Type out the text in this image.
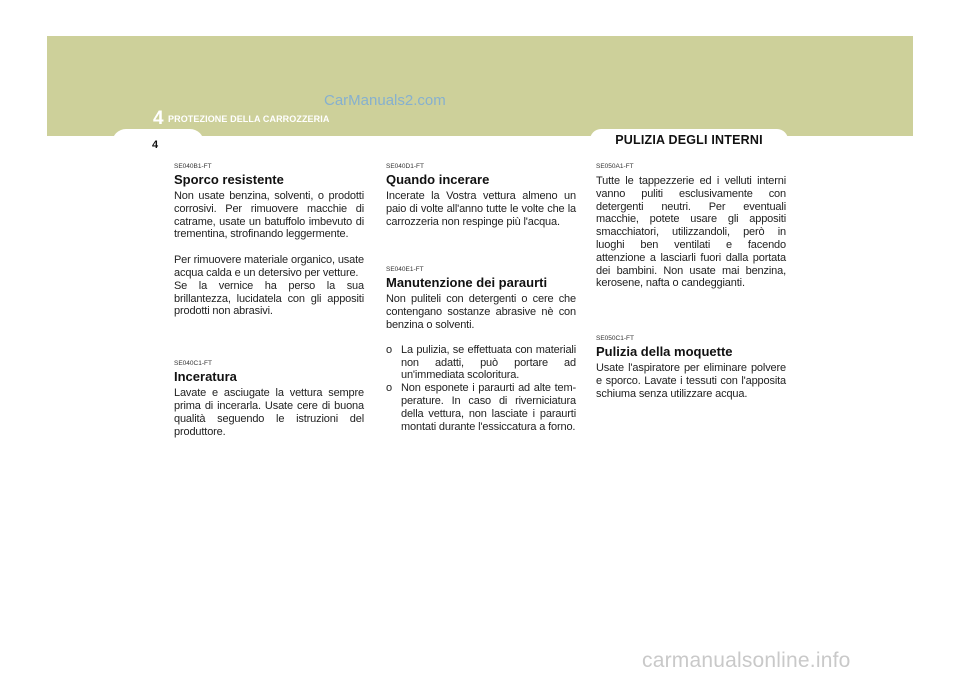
PULIZIA DEGLI INTERNI
4 PROTEZIONE DELLA CARROZZERIA
CarManuals2.com
4

SE040B1-FT

Sporco resistente

Non usate benzina, solventi, o prodotti corrosivi. Per rimuovere macchie di catrame, usate un batuffolo imbevuto di trementina, strofinando leggermente.

Per rimuovere materiale organico, usate acqua calda e un detersivo per vetture.

Se la vernice ha perso la sua brillantezza, lucidatela con gli appositi prodotti non abrasivi.

SE040C1-FT

Inceratura

Lavate e asciugate la vettura sempre prima di incerarla. Usate cere di buona qualità seguendo le istruzioni del produttore.

SE040D1-FT

Quando incerare

Incerate la Vostra vettura almeno un paio di volte all'anno tutte le volte che la carrozzeria non respinge più l'acqua.

SE040E1-FT

Manutenzione dei paraurti

Non puliteli con detergenti o cere che contengano sostanze abrasive nè con benzina o solventi.

o La pulizia, se effettuata con materiali non adatti, può portare ad un'immediata scoloritura.

o Non esponete i paraurti ad alte tem-perature. In caso di riverniciatura della vettura, non lasciate i paraurti montati durante l'essiccatura a forno.

SE050A1-FT

Tutte le tappezzerie ed i velluti interni vanno puliti esclusivamente con detergenti neutri. Per eventuali macchie, potete usare gli appositi smacchiatori, utilizzandoli, però in luoghi ben ventilati e facendo attenzione a lasciarli fuori dalla portata dei bambini. Non usate mai benzina, kerosene, nafta o candeggianti.

SE050C1-FT

Pulizia della moquette

Usate l'aspiratore per eliminare polvere e sporco. Lavate i tessuti con l'apposita schiuma senza utilizzare acqua.

carmanualsonline.info
